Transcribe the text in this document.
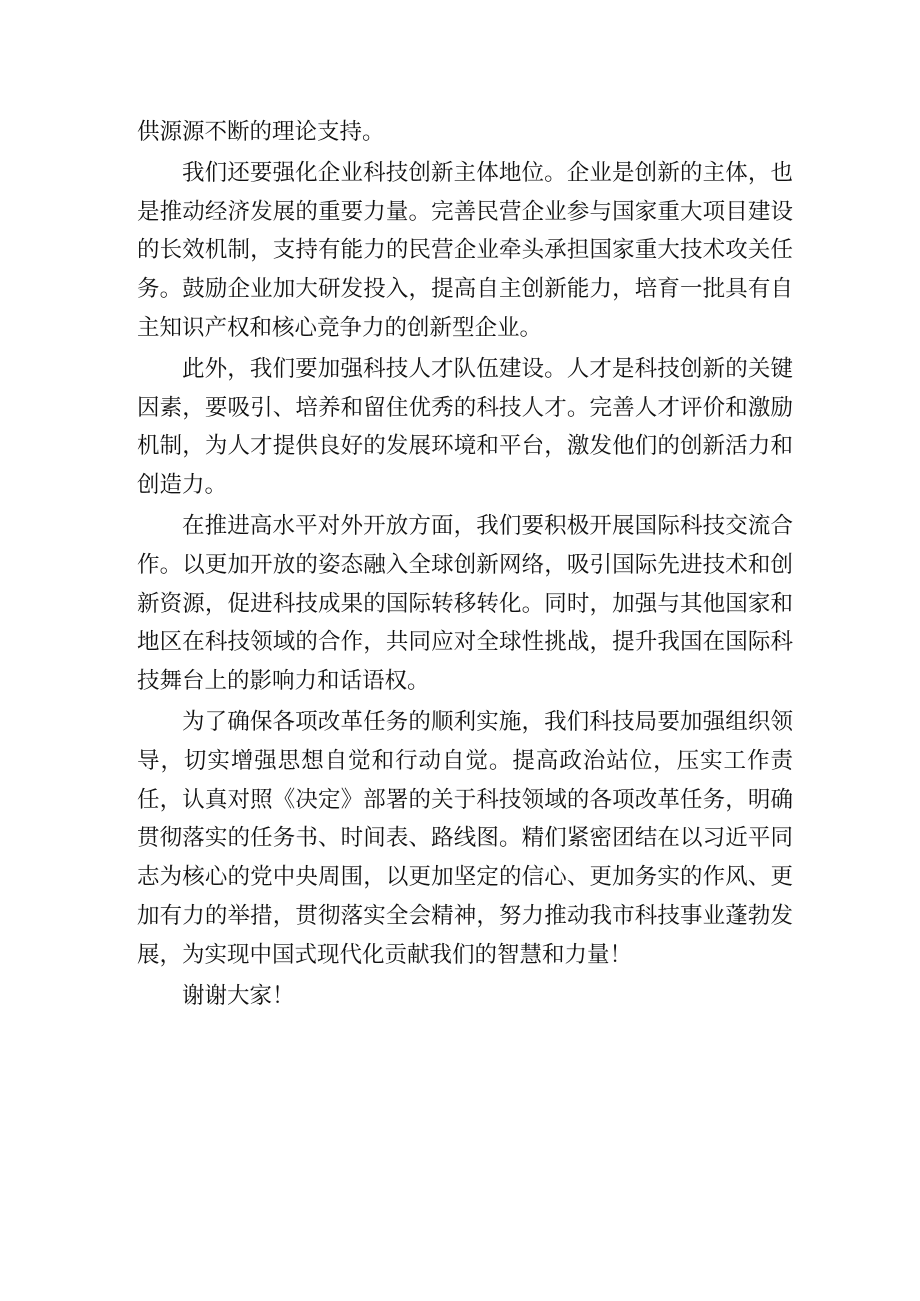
供源源不断的理论支持。

我们还要强化企业科技创新主体地位。企业是创新的主体，也是推动经济发展的重要力量。完善民营企业参与国家重大项目建设的长效机制，支持有能力的民营企业牵头承担国家重大技术攻关任务。鼓励企业加大研发投入，提高自主创新能力，培育一批具有自主知识产权和核心竞争力的创新型企业。

此外，我们要加强科技人才队伍建设。人才是科技创新的关键因素，要吸引、培养和留住优秀的科技人才。完善人才评价和激励机制，为人才提供良好的发展环境和平台，激发他们的创新活力和创造力。

在推进高水平对外开放方面，我们要积极开展国际科技交流合作。以更加开放的姿态融入全球创新网络，吸引国际先进技术和创新资源，促进科技成果的国际转移转化。同时，加强与其他国家和地区在科技领域的合作，共同应对全球性挑战，提升我国在国际科技舞台上的影响力和话语权。

为了确保各项改革任务的顺利实施，我们科技局要加强组织领导，切实增强思想自觉和行动自觉。提高政治站位，压实工作责任，认真对照《决定》部署的关于科技领域的各项改革任务，明确贯彻落实的任务书、时间表、路线图。精们紧密团结在以习近平同志为核心的党中央周围，以更加坚定的信心、更加务实的作风、更加有力的举措，贯彻落实全会精神，努力推动我市科技事业蓬勃发展，为实现中国式现代化贡献我们的智慧和力量！

谢谢大家！
